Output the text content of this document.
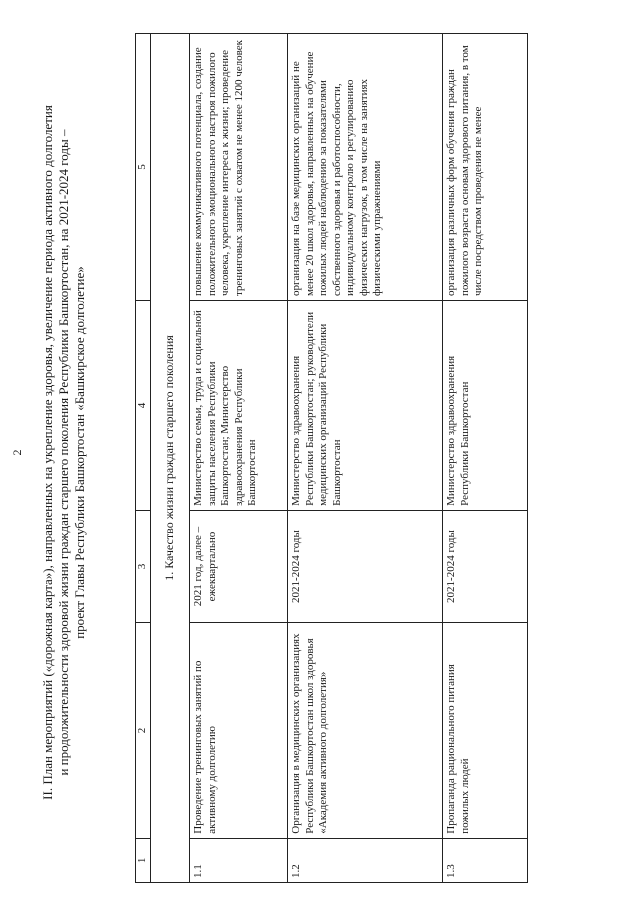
2 II. План мероприятий («дорожная карта»), направленных на укрепление здоровья, увеличение периода активного долголетия и продолжительности здоровой жизни граждан старшего поколения Республики Башкортостан, на 2021-2024 годы – проект Главы Республики Башкортостан «Башкирское долголетие»
1	2	3	4	5
1. Качество жизни граждан старшего поколения				
1.1	Проведение тренинговых занятий по активному долголетию	2021 год, далее – ежеквартально	Министерство семьи, труда и социальной защиты населения Республики Башкортостан; Министерство здравоохранения Республики Башкортостан	повышение коммуникативного потенциала, создание положительного эмоционального настроя пожилого человека, укрепление интереса к жизни; проведение тренинговых занятий с охватом не менее 1200 человек
1.2	Организация в медицинских организациях Республики Башкортостан школ здоровья «Академия активного долголетия»	2021-2024 годы	Министерство здравоохранения Республики Башкортостан; руководители медицинских организаций Республики Башкортостан	организация на базе медицинских организаций не менее 20 школ здоровья, направленных на обучение пожилых людей наблюдению за показателями собственного здоровья и работоспособности, индивидуальному контролю и регулированию физических нагрузок, в том числе на занятиях физическими упражнениями
1.3	Пропаганда рационального питания пожилых людей	2021-2024 годы	Министерство здравоохранения Республики Башкортостан	организация различных форм обучения граждан пожилого возраста основам здорового питания, в том числе посредством проведения не менее
